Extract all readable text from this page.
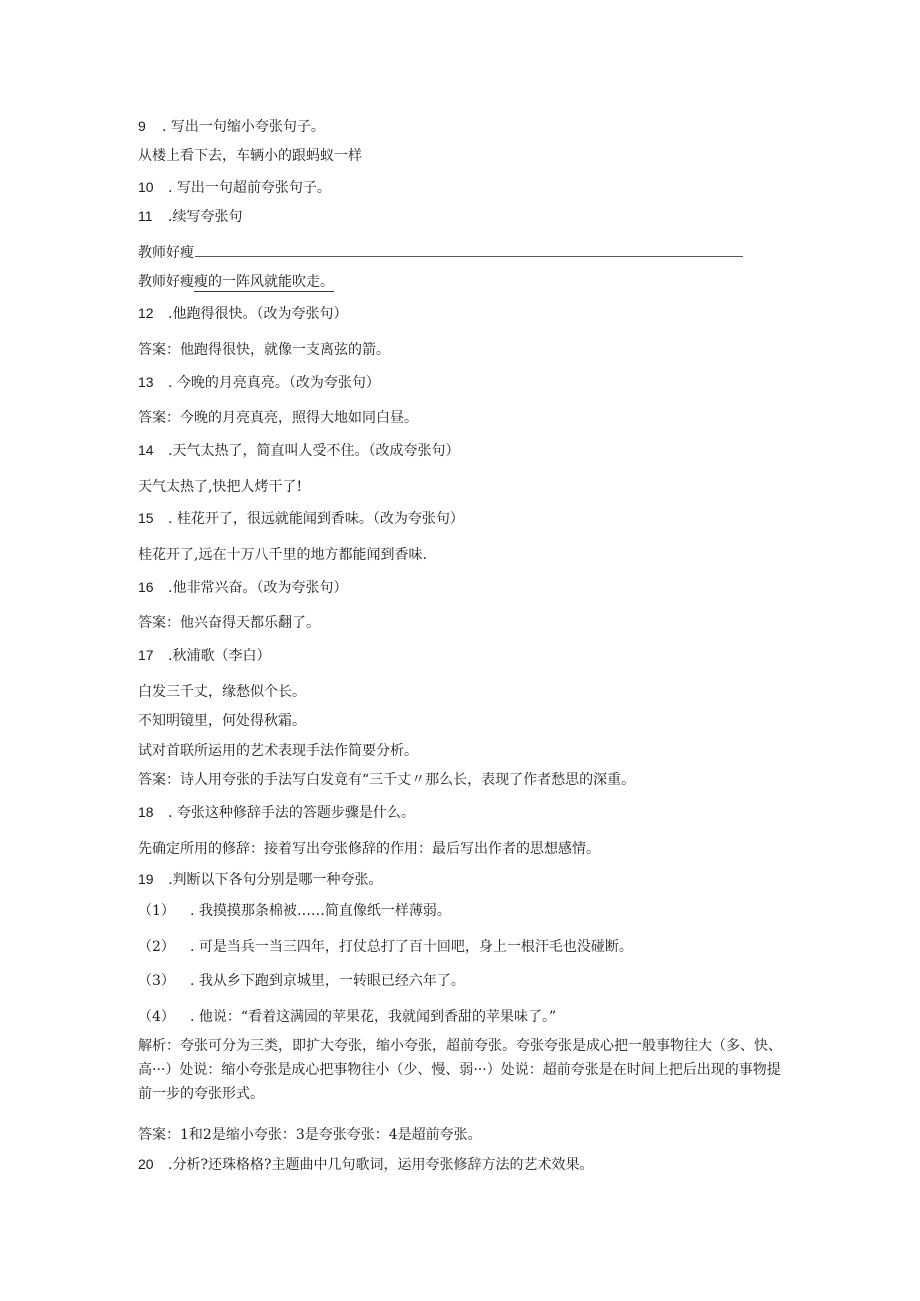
9 . 写出一句缩小夸张句子。
从楼上看下去，车辆小的跟蚂蚁一样
10 . 写出一句超前夸张句子。
11 .续写夸张句
教师好瘦
教师好瘦瘦的一阵风就能吹走。
12 .他跑得很快。（改为夸张句）
答案：他跑得很快，就像一支离弦的箭。
13 . 今晚的月亮真亮。（改为夸张句）
答案：今晚的月亮真亮，照得大地如同白昼。
14 .天气太热了，简直叫人受不住。（改成夸张句）
天气太热了,快把人烤干了!
15 . 桂花开了，很远就能闻到香味。（改为夸张句）
桂花开了,远在十万八千里的地方都能闻到香味.
16 .他非常兴奋。（改为夸张句）
答案：他兴奋得天都乐翻了。
17 .秋浦歌（李白）
白发三千丈，缘愁似个长。
不知明镜里，何处得秋霜。
试对首联所运用的艺术表现手法作简要分析。
答案：诗人用夸张的手法写白发竟有“三千丈〃那么长，表现了作者愁思的深重。
18 . 夸张这种修辞手法的答题步骤是什么。
先确定所用的修辞：接着写出夸张修辞的作用：最后写出作者的思想感情。
19 .判断以下各句分别是哪一种夸张。
（1） . 我摸摸那条棉被……简直像纸一样薄弱。
（2） . 可是当兵一当三四年，打仗总打了百十回吧，身上一根汗毛也没碰断。
（3） . 我从乡下跑到京城里，一转眼已经六年了。
（4） . 他说：“看着这满园的苹果花，我就闻到香甜的苹果味了。”
解析：夸张可分为三类，即扩大夸张，缩小夸张，超前夸张。夸张夸张是成心把一般事物往大（多、快、高···）处说：缩小夸张是成心把事物往小（少、慢、弱···）处说：超前夸张是在时间上把后出现的事物提前一步的夸张形式。
答案：1和2是缩小夸张：3是夸张夸张：4是超前夸张。
20 .分析?还珠格格?主题曲中几句歌词，运用夸张修辞方法的艺术效果。
